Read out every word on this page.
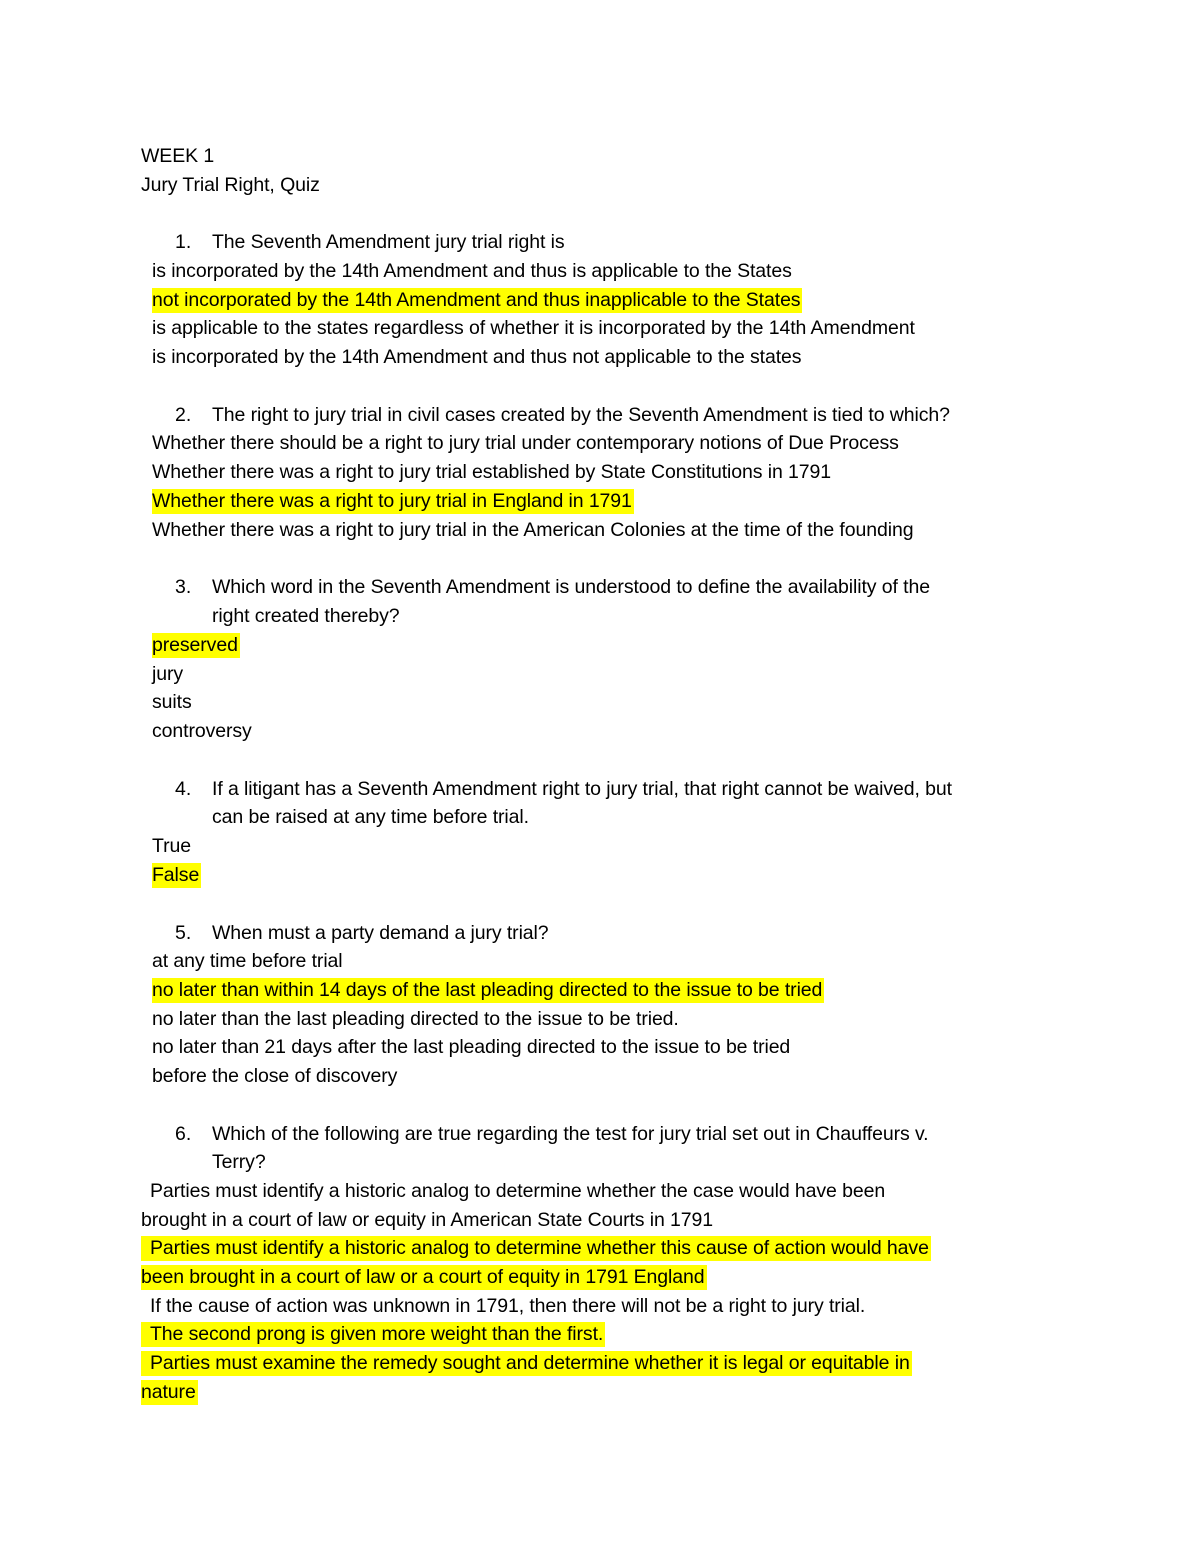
WEEK 1
Jury Trial Right, Quiz
1. The Seventh Amendment jury trial right is
is incorporated by the 14th Amendment and thus is applicable to the States
not incorporated by the 14th Amendment and thus inapplicable to the States
is applicable to the states regardless of whether it is incorporated by the 14th Amendment
is incorporated by the 14th Amendment and thus not applicable to the states
2. The right to jury trial in civil cases created by the Seventh Amendment is tied to which?
Whether there should be a right to jury trial under contemporary notions of Due Process
Whether there was a right to jury trial established by State Constitutions in 1791
Whether there was a right to jury trial in England in 1791
Whether there was a right to jury trial in the American Colonies at the time of the founding
3. Which word in the Seventh Amendment is understood to define the availability of the
right created thereby?
preserved
jury
suits
controversy
4. If a litigant has a Seventh Amendment right to jury trial, that right cannot be waived, but
can be raised at any time before trial.
True
False
5. When must a party demand a jury trial?
at any time before trial
no later than within 14 days of the last pleading directed to the issue to be tried
no later than the last pleading directed to the issue to be tried.
no later than 21 days after the last pleading directed to the issue to be tried
before the close of discovery
6. Which of the following are true regarding the test for jury trial set out in Chauffeurs v.
Terry?
Parties must identify a historic analog to determine whether the case would have been
brought in a court of law or equity in American State Courts in 1791
Parties must identify a historic analog to determine whether this cause of action would have
been brought in a court of law or a court of equity in 1791 England
If the cause of action was unknown in 1791, then there will not be a right to jury trial.
The second prong is given more weight than the first.
Parties must examine the remedy sought and determine whether it is legal or equitable in
nature
